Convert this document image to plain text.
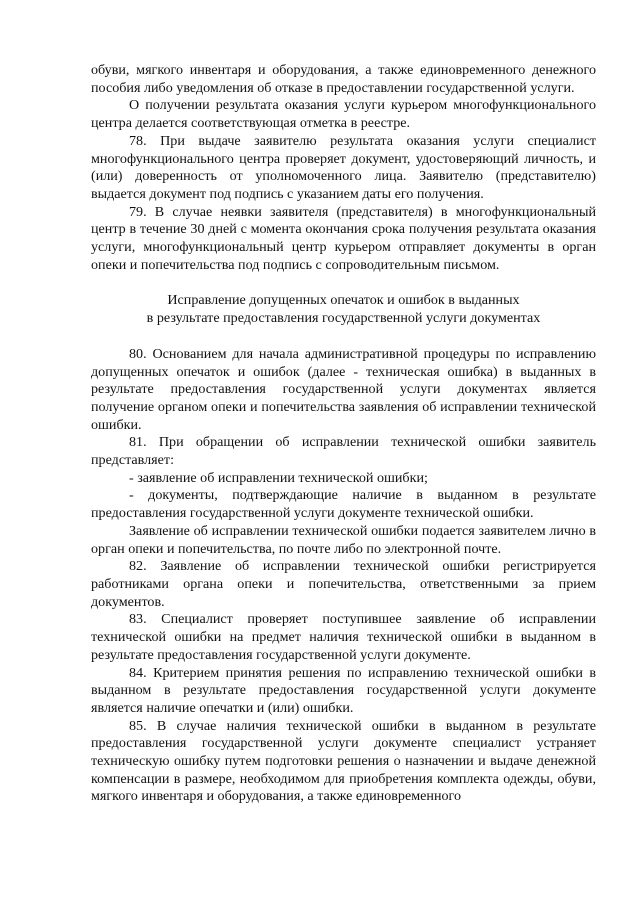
обуви, мягкого инвентаря и оборудования, а также единовременного денежного пособия либо уведомления об отказе в предоставлении государственной услуги.

О получении результата оказания услуги курьером многофункционального центра делается соответствующая отметка в реестре.

78. При выдаче заявителю результата оказания услуги специалист многофункционального центра проверяет документ, удостоверяющий личность, и (или) доверенность от уполномоченного лица. Заявителю (представителю) выдается документ под подпись с указанием даты его получения.

79. В случае неявки заявителя (представителя) в многофункциональный центр в течение 30 дней с момента окончания срока получения результата оказания услуги, многофункциональный центр курьером отправляет документы в орган опеки и попечительства под подпись с сопроводительным письмом.

Исправление допущенных опечаток и ошибок в выданных

в результате предоставления государственной услуги документах

80. Основанием для начала административной процедуры по исправлению допущенных опечаток и ошибок (далее - техническая ошибка) в выданных в результате предоставления государственной услуги документах является получение органом опеки и попечительства заявления об исправлении технической ошибки.

81. При обращении об исправлении технической ошибки заявитель представляет:

- заявление об исправлении технической ошибки;

- документы, подтверждающие наличие в выданном в результате предоставления государственной услуги документе технической ошибки.

Заявление об исправлении технической ошибки подается заявителем лично в орган опеки и попечительства, по почте либо по электронной почте.

82. Заявление об исправлении технической ошибки регистрируется работниками органа опеки и попечительства, ответственными за прием документов.

83. Специалист проверяет поступившее заявление об исправлении технической ошибки на предмет наличия технической ошибки в выданном в результате предоставления государственной услуги документе.

84. Критерием принятия решения по исправлению технической ошибки в выданном в результате предоставления государственной услуги документе является наличие опечатки и (или) ошибки.

85. В случае наличия технической ошибки в выданном в результате предоставления государственной услуги документе специалист устраняет техническую ошибку путем подготовки решения о назначении и выдаче денежной компенсации в размере, необходимом для приобретения комплекта одежды, обуви, мягкого инвентаря и оборудования, а также единовременного
